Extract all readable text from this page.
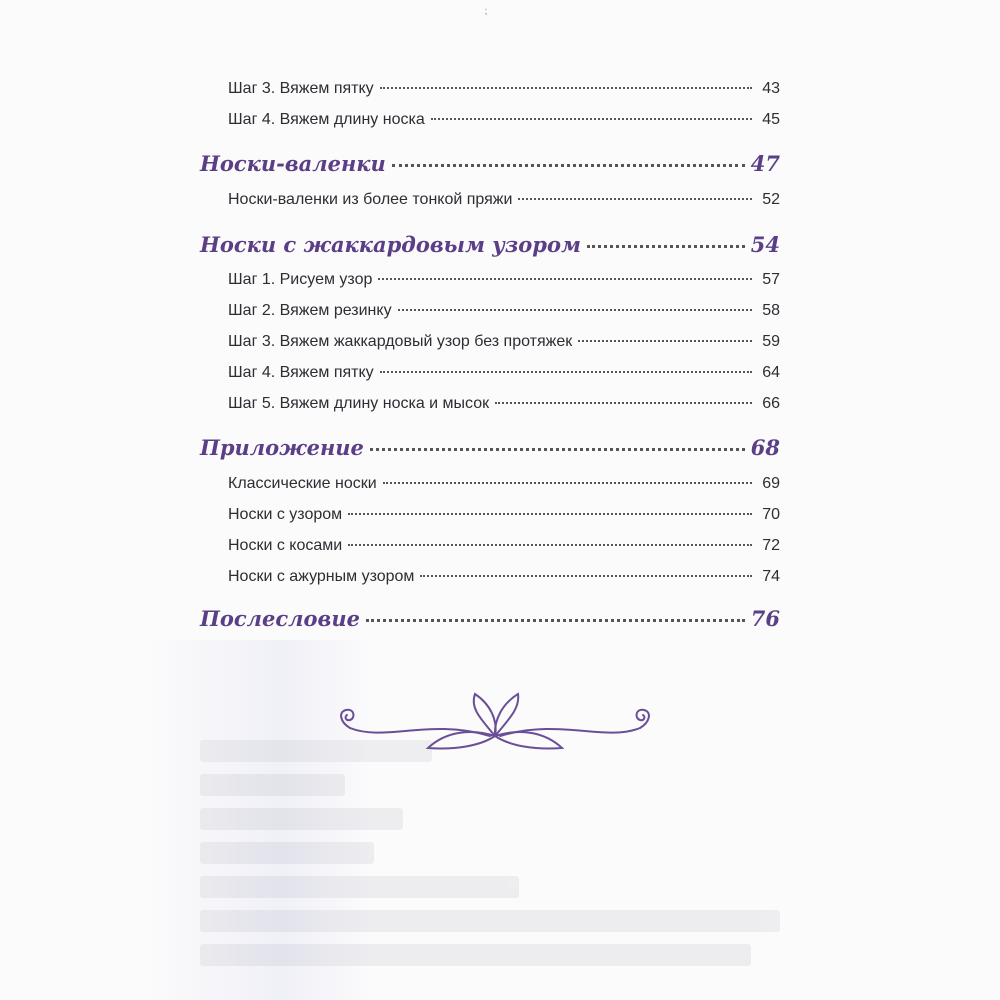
⁏
Шаг 3. Вяжем пятку	43
Шаг 4. Вяжем длину носка	45
Носки-валенки	47
Носки-валенки из более тонкой пряжи	52
Носки с жаккардовым узором	54
Шаг 1. Рисуем узор	57
Шаг 2. Вяжем резинку	58
Шаг 3. Вяжем жаккардовый узор без протяжек	59
Шаг 4. Вяжем пятку	64
Шаг 5. Вяжем длину носка и мысок	66
Приложение	68
Классические носки	69
Носки с узором	70
Носки с косами	72
Носки с ажурным узором	74
Послесловие	76
